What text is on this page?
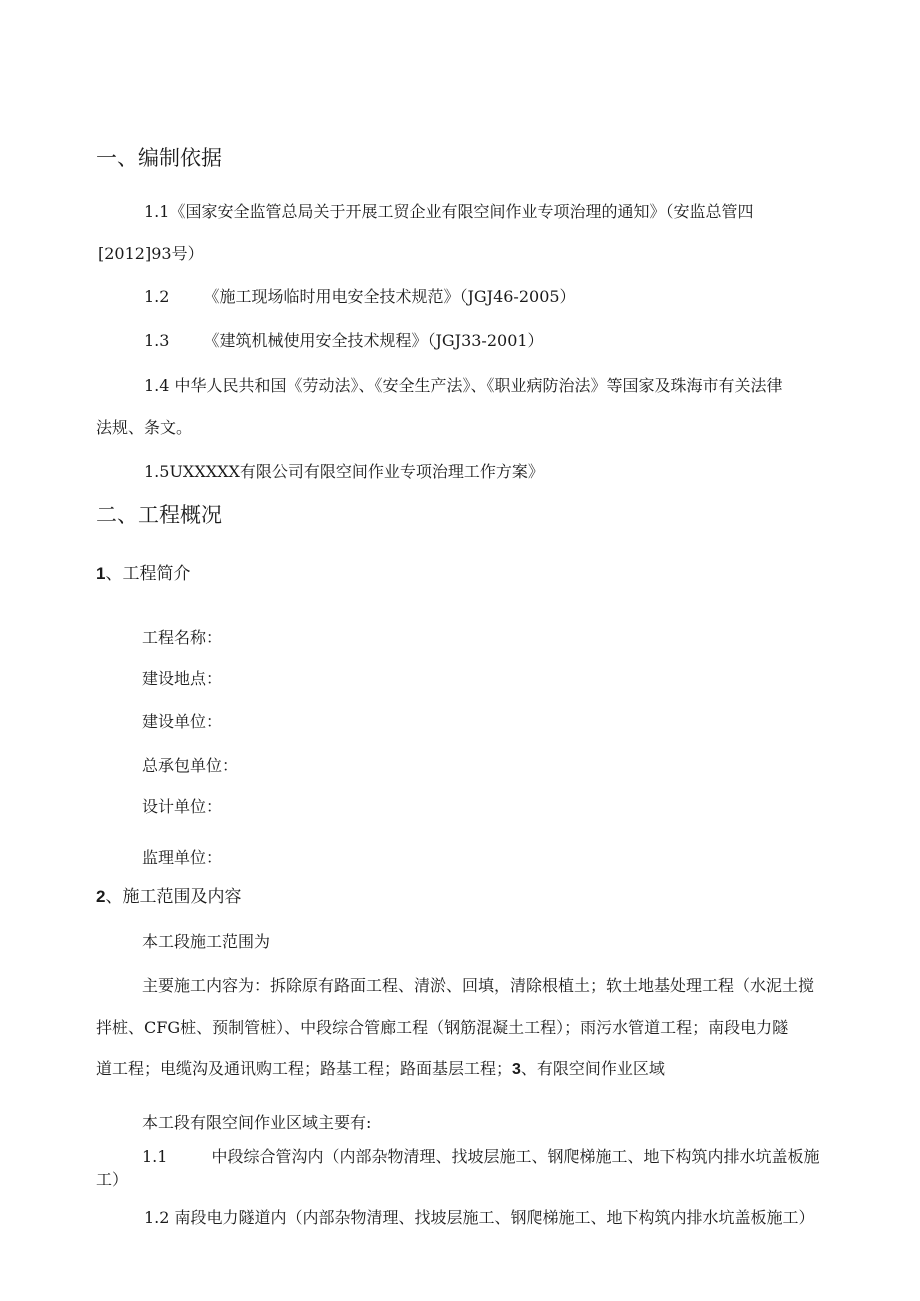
一、编制依据

1.1《国家安全监管总局关于开展工贸企业有限空间作业专项治理的通知》（安监总管四

[2012]93号）

1.2 《施工现场临时用电安全技术规范》（JGJ46-2005）

1.3 《建筑机械使用安全技术规程》（JGJ33-2001）

1.4 中华人民共和国《劳动法》、《安全生产法》、《职业病防治法》等国家及珠海市有关法律

法规、条文。

1.5UXXXXX有限公司有限空间作业专项治理工作方案》

二、工程概况
1、工程简介

工程名称：

建设地点：

建设单位：

总承包单位：

设计单位：

监理单位：

2、施工范围及内容

本工段施工范围为

主要施工内容为：拆除原有路面工程、清淤、回填，清除根植土；软土地基处理工程（水泥土搅

拌桩、CFG桩、预制管桩）、中段综合管廊工程（钢筋混凝土工程）；雨污水管道工程；南段电力隧

道工程；电缆沟及通讯购工程；路基工程；路面基层工程；3、有限空间作业区域

本工段有限空间作业区域主要有:

1.1	中段综合管沟内（内部杂物清理、找坡层施工、钢爬梯施工、地下构筑内排水坑盖板施

工）

1.2 南段电力隧道内（内部杂物清理、找坡层施工、钢爬梯施工、地下构筑内排水坑盖板施工）
